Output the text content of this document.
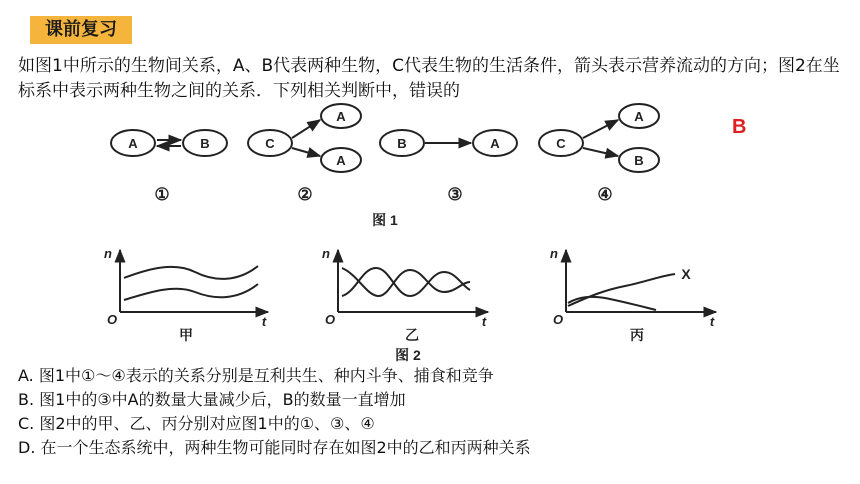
课前复习
如图1中所示的生物间关系，A、B代表两种生物，C代表生物的生活条件，箭头表示营养流动的方向；图2在坐标系中表示两种生物之间的关系．下列相关判断中，错误的
B
A	B	C
A
A
B	A	C
A
B
①	②	③	④
图 1
n	n	n
t	t	t
O	O	O
X
甲	乙	丙
图 2
A. 图1中①～④表示的关系分别是互利共生、种内斗争、捕食和竞争
B. 图1中的③中A的数量大量减少后，B的数量一直增加
C. 图2中的甲、乙、丙分别对应图1中的①、③、④
D. 在一个生态系统中，两种生物可能同时存在如图2中的乙和丙两种关系
